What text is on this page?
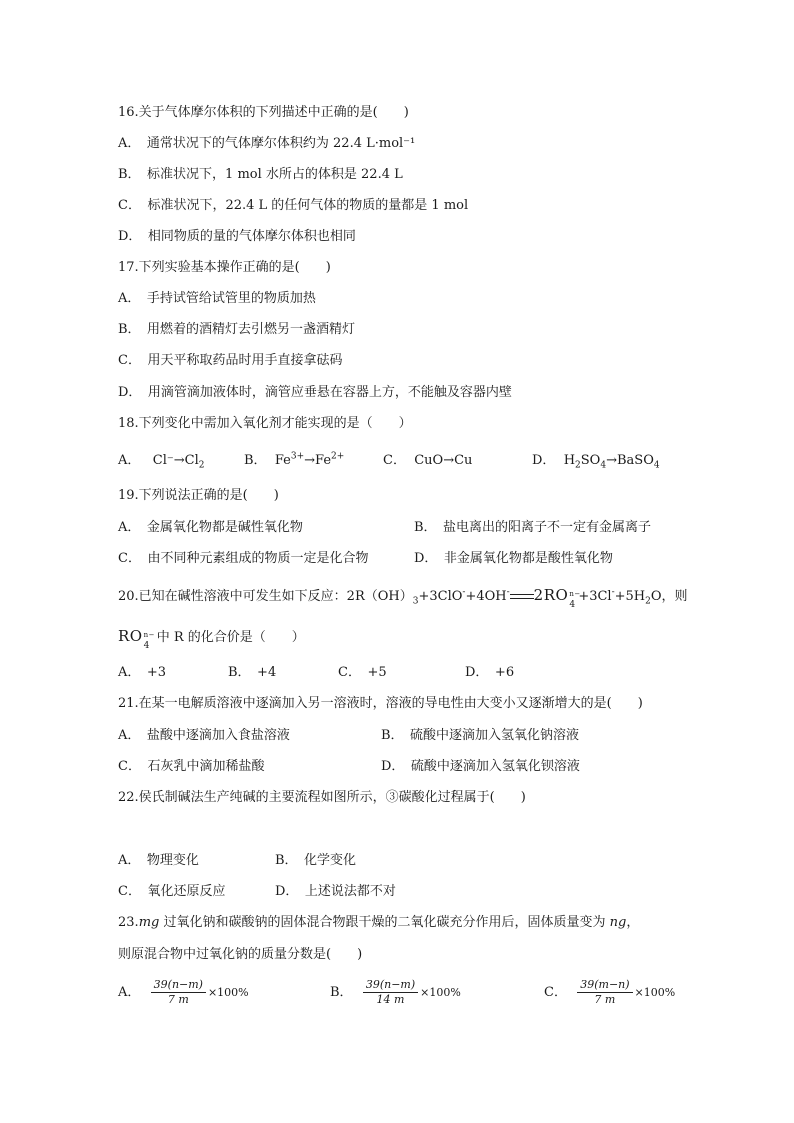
16.关于气体摩尔体积的下列描述中正确的是(　　)
A．　通常状况下的气体摩尔体积约为 22.4 L·mol⁻¹
B．　标准状况下，1 mol 水所占的体积是 22.4 L
C．　标准状况下，22.4 L 的任何气体的物质的量都是 1 mol
D．　相同物质的量的气体摩尔体积也相同
17.下列实验基本操作正确的是(　　)
A．　手持试管给试管里的物质加热
B．　用燃着的酒精灯去引燃另一盏酒精灯
C．　用天平称取药品时用手直接拿砝码
D．　用滴管滴加液体时，滴管应垂悬在容器上方，不能触及容器内壁
18.下列变化中需加入氧化剂才能实现的是（　　）
A． $Cl^-\to Cl_2$	B． $Fe^{3+}\to Fe^{2+}$	C． CuO→Cu	D． $H_2SO_4\to BaSO_4$
19.下列说法正确的是(　　)
A．　金属氧化物都是碱性氧化物	B．　盐电离出的阳离子不一定有金属离子
C．　由不同种元素组成的物质一定是化合物	D．　非金属氧化物都是酸性氧化物
20.已知在碱性溶液中可发生如下反应：$2R(OH)_3+3ClO^-+4OH^-$ 2RO n−
4
$+3Cl^-+5H_2O$，则
RO n−
4
中 R 的化合价是（　　）
A．　+3	B．　+4	C．　+5	D．　+6
21.在某一电解质溶液中逐滴加入另一溶液时，溶液的导电性由大变小又逐渐增大的是(　　)
A．　盐酸中逐滴加入食盐溶液	B．　硫酸中逐滴加入氢氧化钠溶液
C．　石灰乳中滴加稀盐酸	D．　硫酸中逐滴加入氢氧化钡溶液
22.侯氏制碱法生产纯碱的主要流程如图所示，③碳酸化过程属于(　　)
A．　物理变化	B．　化学变化
C．　氧化还原反应	D．　上述说法都不对
23.mg 过氧化钠和碳酸钠的固体混合物跟干燥的二氧化碳充分作用后，固体质量变为 ng，
则原混合物中过氧化钠的质量分数是(　　)
A． $\frac{39(n-m)}{7 m} \times 100\%$	B． $\frac{39(n-m)}{14 m} \times 100\%$	C． $\frac{39(m-n)}{7 m} \times 100\%$
